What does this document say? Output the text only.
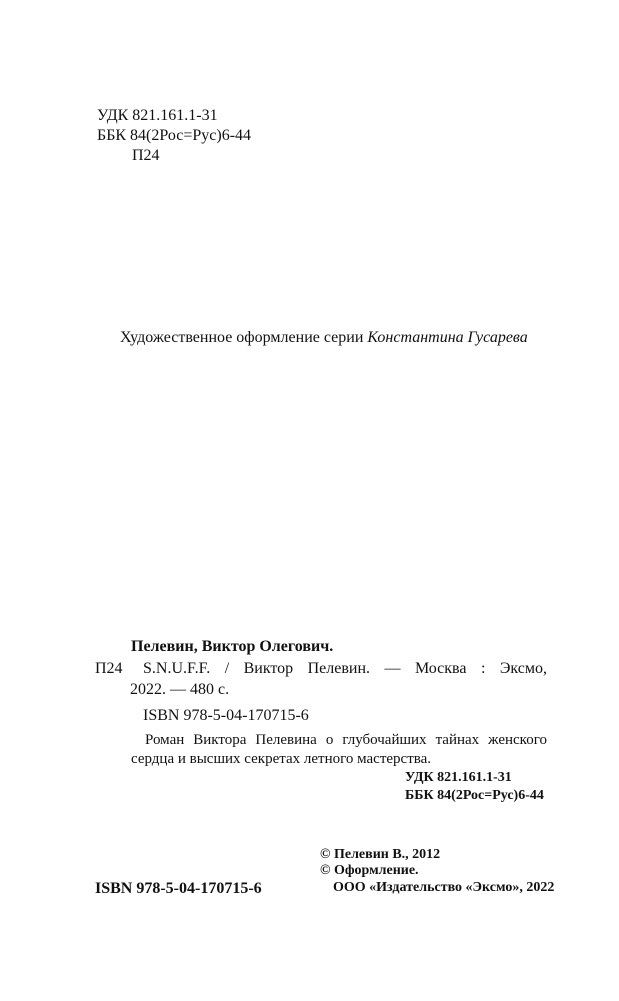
УДК 821.161.1-31
ББК 84(2Рос=Рус)6-44
П24
Художественное оформление серии Константина Гусарева
Пелевин, Виктор Олегович.
П24 S.N.U.F.F. / Виктор Пелевин. — Москва : Эксмо,
2022. — 480 с.
ISBN 978-5-04-170715-6
Роман Виктора Пелевина о глубочайших тайнах женского
сердца и высших секретах летного мастерства.
УДК 821.161.1-31
ББК 84(2Рос=Рус)6-44
ISBN 978-5-04-170715-6
© Пелевин В., 2012
© Оформление.
ООО «Издательство «Эксмо», 2022
